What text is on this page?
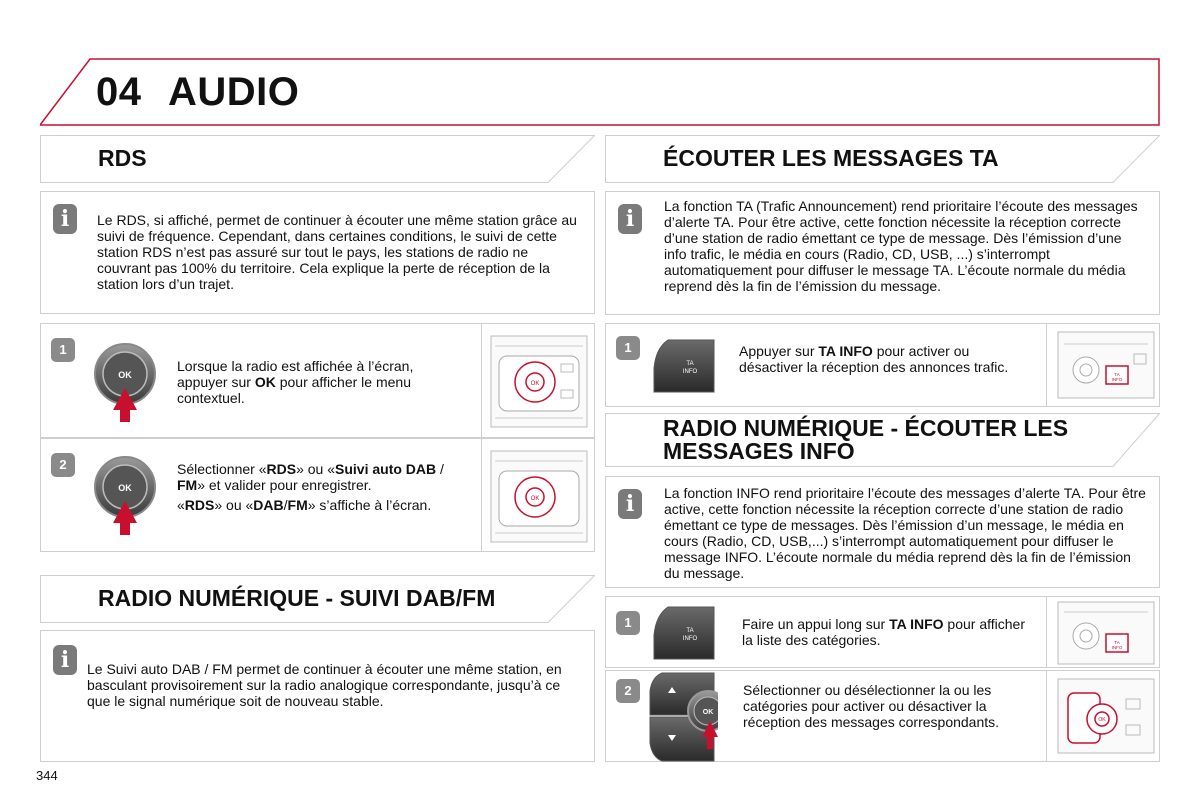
04 AUDIO
RDS
i	Le RDS, si affiché, permet de continuer à écouter une même station grâce au suivi de fréquence. Cependant, dans certaines conditions, le suivi de cette station RDS n’est pas assuré sur tout le pays, les stations de radio ne couvrant pas 100% du territoire. Cela explique la perte de réception de la station lors d’un trajet.
1
OK
Lorsque la radio est affichée à l’écran, appuyer sur OK pour afficher le menu contextuel.
OK
2
OK
Sélectionner «RDS» ou «Suivi auto DAB / FM» et valider pour enregistrer.
«RDS» ou «DAB/FM» s’affiche à l’écran.	OK
RADIO NUMÉRIQUE - SUIVI DAB/FM
i	Le Suivi auto DAB / FM permet de continuer à écouter une même station, en basculant provisoirement sur la radio analogique correspondante, jusqu’à ce que le signal numérique soit de nouveau stable.
ÉCOUTER LES MESSAGES TA
i	La fonction TA (Trafic Announcement) rend prioritaire l’écoute des messages d’alerte TA. Pour être active, cette fonction nécessite la réception correcte d’une station de radio émettant ce type de message. Dès l’émission d’une info trafic, le média en cours (Radio, CD, USB, ...) s’interrompt automatiquement pour diffuser le message TA. L’écoute normale du média reprend dès la fin de l’émission du message.
1
TA
INFO
Appuyer sur TA INFO pour activer ou désactiver la réception des annonces trafic.	TA
INFO
RADIO NUMÉRIQUE - ÉCOUTER LES MESSAGES INFO
i	La fonction INFO rend prioritaire l’écoute des messages d’alerte TA. Pour être active, cette fonction nécessite la réception correcte d’une station de radio émettant ce type de messages. Dès l’émission d’un message, le média en cours (Radio, CD, USB,...) s’interrompt automatiquement pour diffuser le message INFO. L’écoute normale du média reprend dès la fin de l’émission du message.
1
TA
INFO
Faire un appui long sur TA INFO pour afficher la liste des catégories.	TA
INFO
2
OK
Sélectionner ou désélectionner la ou les catégories pour activer ou désactiver la réception des messages correspondants.	OK
344
